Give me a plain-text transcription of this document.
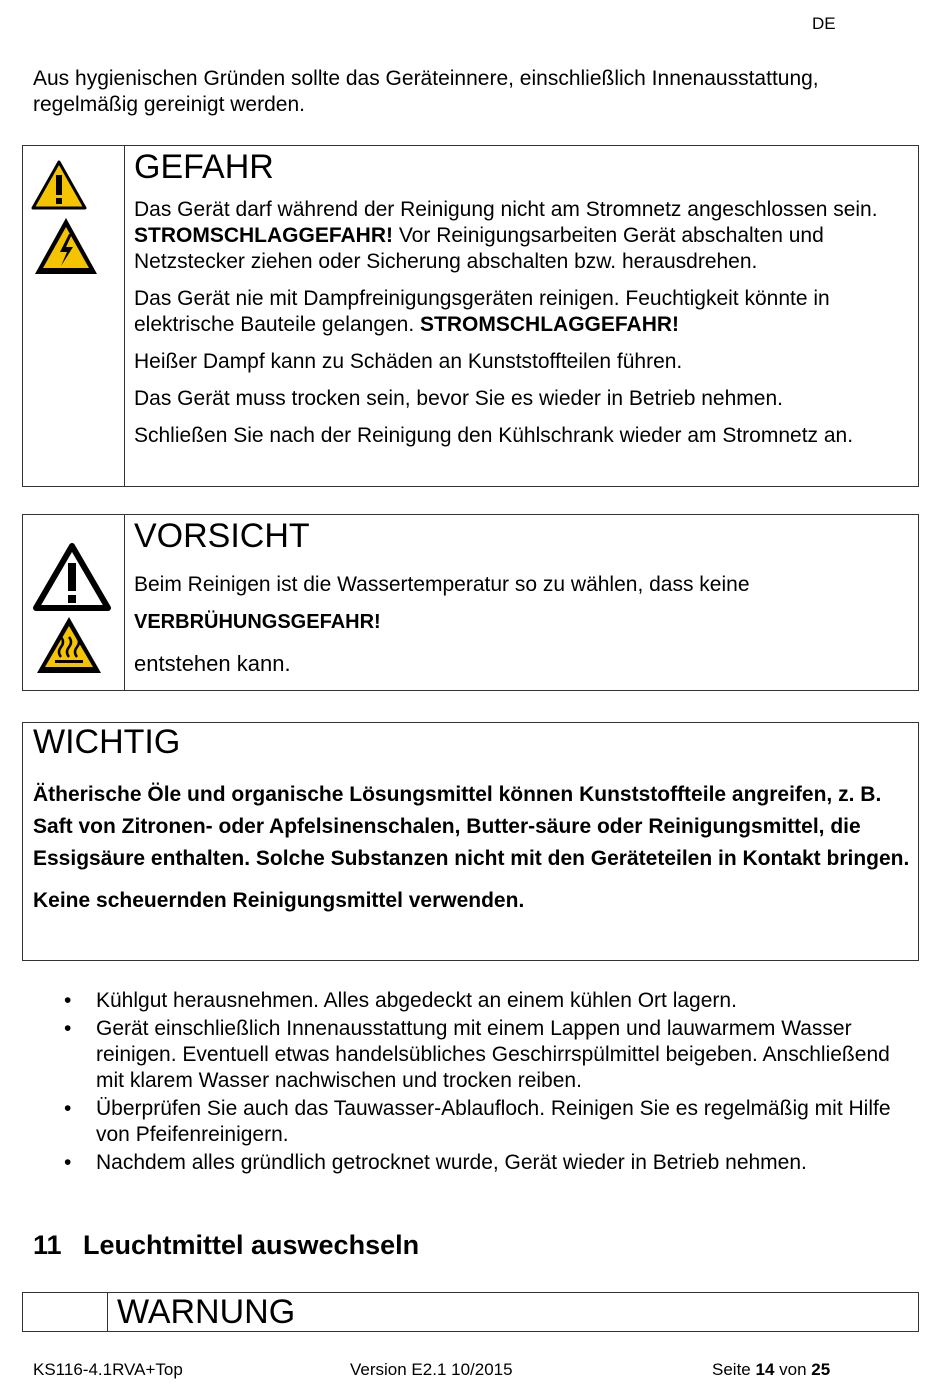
DE
Aus hygienischen Gründen sollte das Geräteinnere, einschließlich Innenausstattung, regelmäßig gereinigt werden.
GEFAHR

Das Gerät darf während der Reinigung nicht am Stromnetz angeschlossen sein. STROMSCHLAGGEFAHR! Vor Reinigungsarbeiten Gerät abschalten und Netzstecker ziehen oder Sicherung abschalten bzw. herausdrehen.

Das Gerät nie mit Dampfreinigungsgeräten reinigen. Feuchtigkeit könnte in elektrische Bauteile gelangen. STROMSCHLAGGEFAHR!

Heißer Dampf kann zu Schäden an Kunststoffteilen führen.

Das Gerät muss trocken sein, bevor Sie es wieder in Betrieb nehmen.

Schließen Sie nach der Reinigung den Kühlschrank wieder am Stromnetz an.

VORSICHT

Beim Reinigen ist die Wassertemperatur so zu wählen, dass keine

VERBRÜHUNGSGEFAHR!

entstehen kann.

WICHTIG

Ätherische Öle und organische Lösungsmittel können Kunststoffteile angreifen, z. B. Saft von Zitronen- oder Apfelsinenschalen, Butter-säure oder Reinigungsmittel, die Essigsäure enthalten. Solche Substanzen nicht mit den Geräteteilen in Kontakt bringen.

Keine scheuernden Reinigungsmittel verwenden.

• Kühlgut herausnehmen. Alles abgedeckt an einem kühlen Ort lagern.
• Gerät einschließlich Innenausstattung mit einem Lappen und lauwarmem Wasser reinigen. Eventuell etwas handelsübliches Geschirrspülmittel beigeben. Anschließend mit klarem Wasser nachwischen und trocken reiben.
• Überprüfen Sie auch das Tauwasser-Ablaufloch. Reinigen Sie es regelmäßig mit Hilfe von Pfeifenreinigern.
• Nachdem alles gründlich getrocknet wurde, Gerät wieder in Betrieb nehmen.
11 Leuchtmittel auswechseln
WARNUNG
KS116-4.1RVA+Top	Version E2.1 10/2015	Seite 14 von 25
